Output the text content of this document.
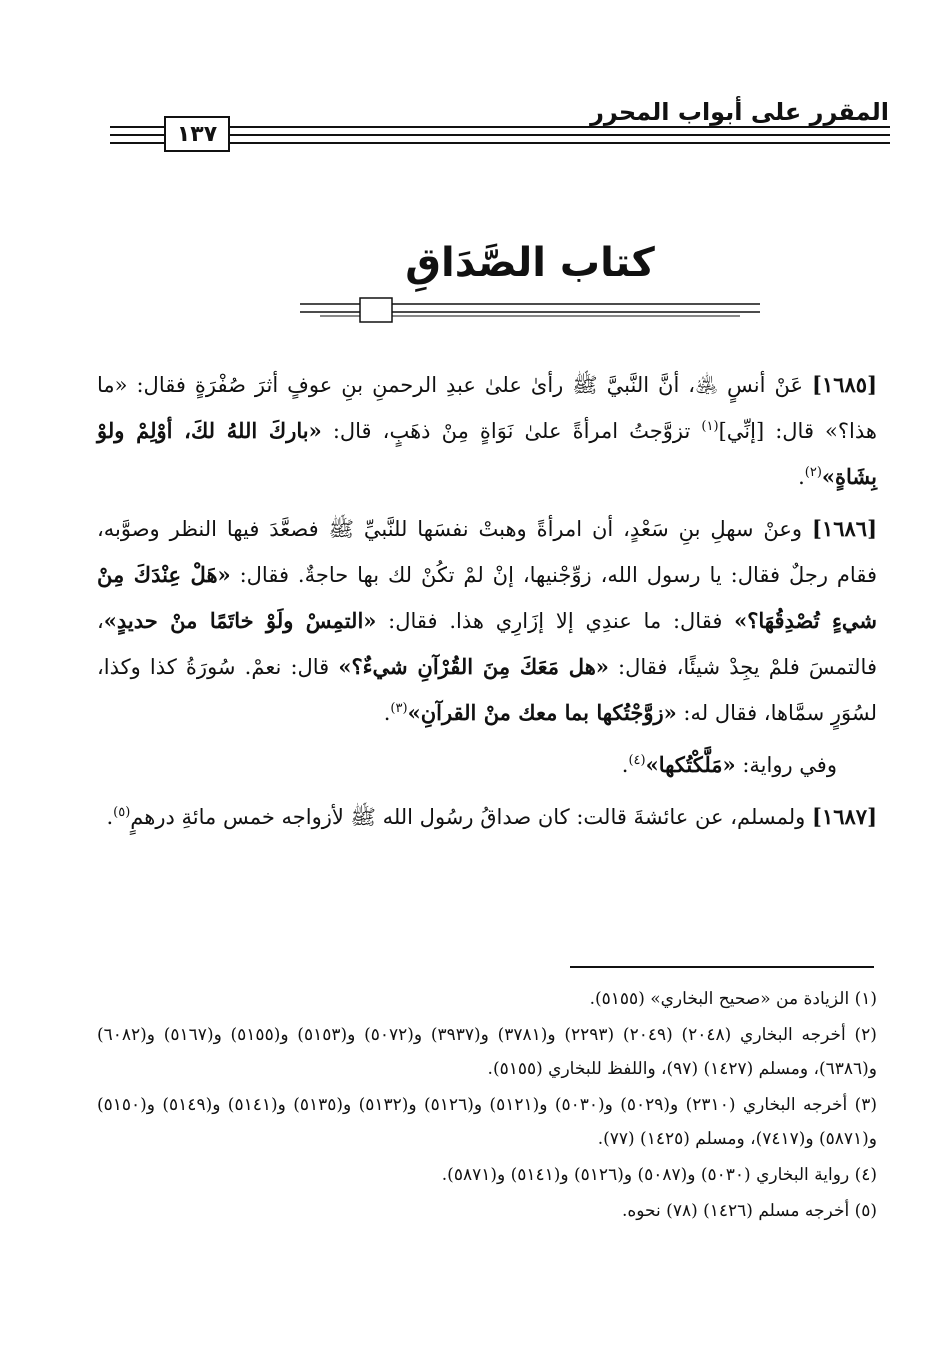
المقرر على أبواب المحرر
١٣٧
كتاب الصَّدَاقِ

[١٦٨٥] عَنْ أنسٍ ﵁، أنَّ النَّبيَّ ﷺ رأىٰ علىٰ عبدِ الرحمنِ بنِ عوفٍ أثرَ صُفْرَةٍ فقال: «ما هذا؟» قال: [إنِّي]$^{(١)}$ تزوَّجتُ امرأةً علىٰ نَوَاةٍ مِنْ ذهَبٍ، قال: «باركَ اللهُ لكَ، أوْلِمْ ولوْ بِشَاةٍ»$^{(٢)}$.

[١٦٨٦] وعنْ سهلِ بنِ سَعْدٍ، أن امرأةً وهبتْ نفسَها للنَّبيِّ ﷺ فصعَّدَ فيها النظر وصوَّبه، فقام رجلٌ فقال: يا رسول الله، زوِّجْنيها، إنْ لمْ تكُنْ لك بها حاجةٌ. فقال: «هَلْ عِنْدَكَ مِنْ شيءٍ تُصْدِقُهَا؟» فقال: ما عندِي إلا إزَارِي هذا. فقال: «التمِسْ ولَوْ خاتَمًا منْ حديدٍ»، فالتمسَ فلمْ يجِدْ شيئًا، فقال: «هل مَعَكَ مِنَ القُرْآنِ شيءٌ؟» قال: نعمْ. سُورَةُ كذا وكذا، لسُوَرٍ سمَّاها، فقال له: «زوَّجْتُكها بما معك منْ القرآنِ»$^{(٣)}$.

وفي رواية: «مَلَّكْتُكها»$^{(٤)}$.

[١٦٨٧] ولمسلم، عن عائشةَ قالت: كان صداقُ رسُول الله ﷺ لأزواجه خمس مائةِ درهمٍ$^{(٥)}$.

(١) الزيادة من «صحيح البخاري» (٥١٥٥).

(٢) أخرجه البخاري (٢٠٤٨) (٢٠٤٩) (٢٢٩٣) و(٣٧٨١) و(٣٩٣٧) و(٥٠٧٢) و(٥١٥٣) و(٥١٥٥) و(٥١٦٧) و(٦٠٨٢) و(٦٣٨٦)، ومسلم (١٤٢٧) (٩٧)، واللفظ للبخاري (٥١٥٥).

(٣) أخرجه البخاري (٢٣١٠) و(٥٠٢٩) و(٥٠٣٠) و(٥١٢١) و(٥١٢٦) و(٥١٣٢) و(٥١٣٥) و(٥١٤١) و(٥١٤٩) و(٥١٥٠) و(٥٨٧١) و(٧٤١٧)، ومسلم (١٤٢٥) (٧٧).

(٤) رواية البخاري (٥٠٣٠) و(٥٠٨٧) و(٥١٢٦) و(٥١٤١) و(٥٨٧١).

(٥) أخرجه مسلم (١٤٢٦) (٧٨) نحوه.
